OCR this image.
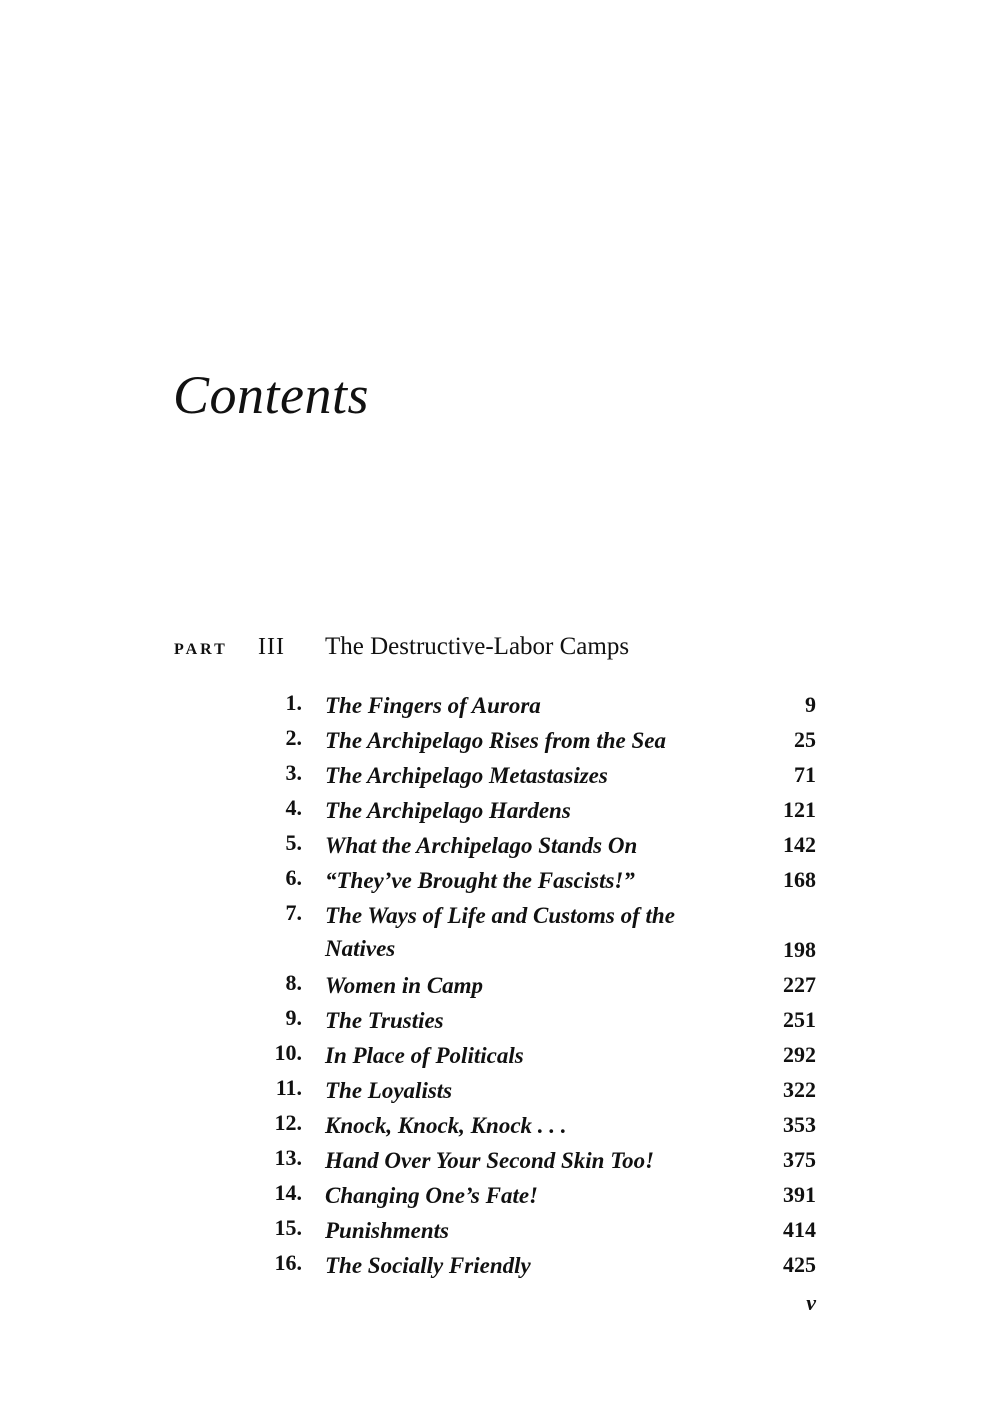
Contents
PART III The Destructive-Labor Camps
1. The Fingers of Aurora	9
2. The Archipelago Rises from the Sea	25
3. The Archipelago Metastasizes	71
4. The Archipelago Hardens	121
5. What the Archipelago Stands On	142
6. “They’ve Brought the Fascists!”	168
7. The Ways of Life and Customs of the Natives	198
8. Women in Camp	227
9. The Trusties	251
10. In Place of Politicals	292
11. The Loyalists	322
12. Knock, Knock, Knock . . .	353
13. Hand Over Your Second Skin Too!	375
14. Changing One’s Fate!	391
15. Punishments	414
16. The Socially Friendly	425
v
